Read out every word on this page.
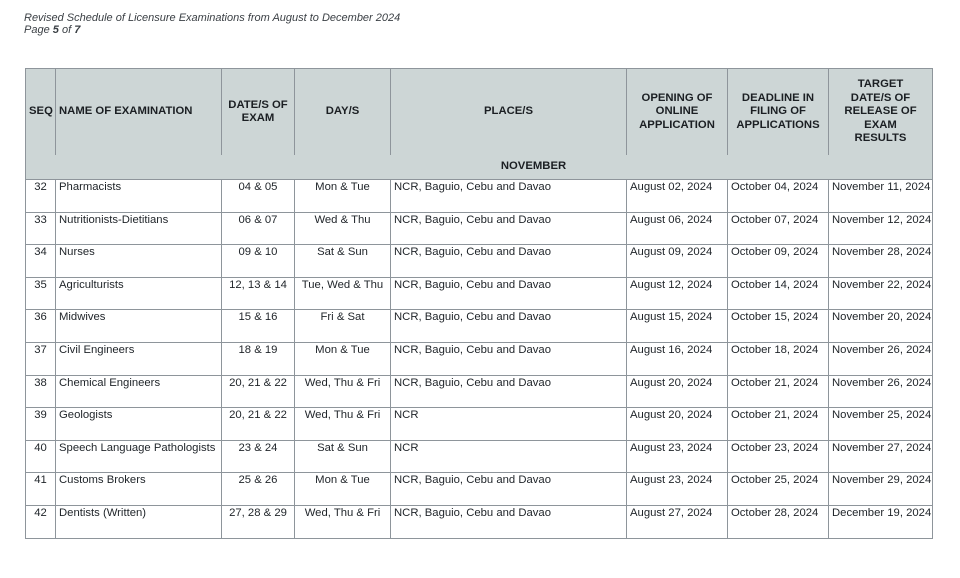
Revised Schedule of Licensure Examinations from August to December 2024
Page 5 of 7
SEQ	NAME OF EXAMINATION	DATE/S OF EXAM	DAY/S	PLACE/S	OPENING OF ONLINE APPLICATION	DEADLINE IN FILING OF APPLICATIONS	TARGET DATE/S OF RELEASE OF EXAM RESULTS
NOVEMBER							
32	Pharmacists	04 & 05	Mon & Tue	NCR, Baguio, Cebu and Davao	August 02, 2024	October 04, 2024	November 11, 2024
33	Nutritionists-Dietitians	06 & 07	Wed & Thu	NCR, Baguio, Cebu and Davao	August 06, 2024	October 07, 2024	November 12, 2024
34	Nurses	09 & 10	Sat & Sun	NCR, Baguio, Cebu and Davao	August 09, 2024	October 09, 2024	November 28, 2024
35	Agriculturists	12, 13 & 14	Tue, Wed & Thu	NCR, Baguio, Cebu and Davao	August 12, 2024	October 14, 2024	November 22, 2024
36	Midwives	15 & 16	Fri & Sat	NCR, Baguio, Cebu and Davao	August 15, 2024	October 15, 2024	November 20, 2024
37	Civil Engineers	18 & 19	Mon & Tue	NCR, Baguio, Cebu and Davao	August 16, 2024	October 18, 2024	November 26, 2024
38	Chemical Engineers	20, 21 & 22	Wed, Thu & Fri	NCR, Baguio, Cebu and Davao	August 20, 2024	October 21, 2024	November 26, 2024
39	Geologists	20, 21 & 22	Wed, Thu & Fri	NCR	August 20, 2024	October 21, 2024	November 25, 2024
40	Speech Language Pathologists	23 & 24	Sat & Sun	NCR	August 23, 2024	October 23, 2024	November 27, 2024
41	Customs Brokers	25 & 26	Mon & Tue	NCR, Baguio, Cebu and Davao	August 23, 2024	October 25, 2024	November 29, 2024
42	Dentists (Written)	27, 28 & 29	Wed, Thu & Fri	NCR, Baguio, Cebu and Davao	August 27, 2024	October 28, 2024	December 19, 2024
